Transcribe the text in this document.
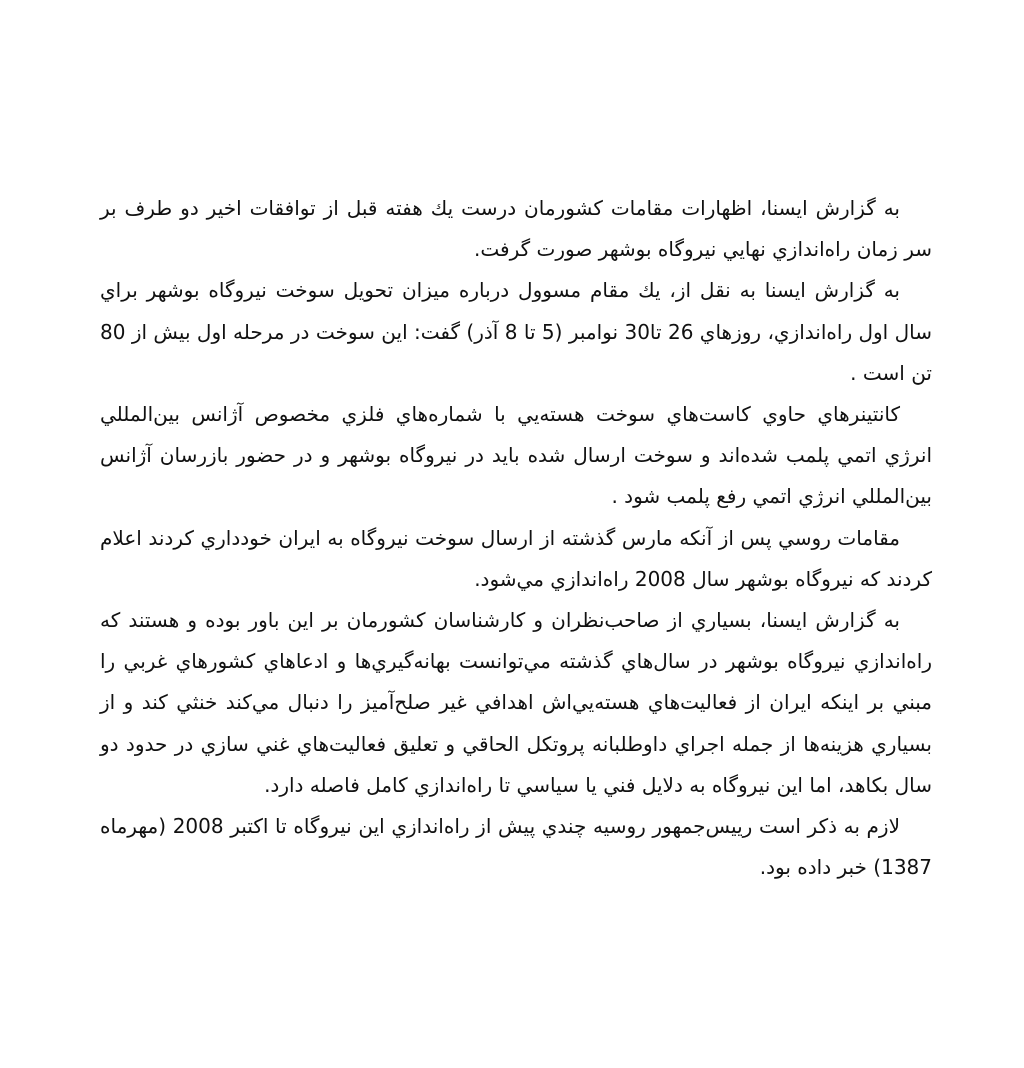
به گزارش ايسنا، اظهارات مقامات كشورمان درست يك هفته قبل از توافقات اخير دو طرف بر سر زمان راه‌اندازي نهايي نيروگاه بوشهر صورت گرفت.

به گزارش ايسنا به نقل از، يك مقام مسوول درباره ميزان تحويل سوخت نيروگاه بوشهر براي سال اول راه‌اندازي، روزهاي 26 تا30 نوامبر (5 تا 8 آذر) گفت: اين سوخت در مرحله اول بيش از 80 تن است .

كانتينرهاي حاوي كاست‌هاي سوخت هسته‌يي با شماره‌هاي فلزي مخصوص آژانس بين‌المللي انرژي اتمي پلمب شده‌اند و سوخت ارسال شده بايد در نيروگاه بوشهر و در حضور بازرسان آژانس بين‌المللي انرژي اتمي رفع پلمب شود .

مقامات روسي پس از آنكه مارس گذشته از ارسال سوخت نيروگاه به ايران خودداري كردند اعلام كردند كه نيروگاه بوشهر سال 2008 راه‌اندازي مي‌شود.

به گزارش ايسنا، بسياري از صاحب‌نظران و كارشناسان كشورمان بر اين باور بوده و هستند كه راه‌اندازي نيروگاه بوشهر در سال‌هاي گذشته مي‌توانست بهانه‌گيري‌ها و ادعاهاي كشورهاي غربي را مبني بر اينكه ايران از فعاليت‌هاي هسته‌يي‌اش اهدافي غير صلح‌آميز را دنبال مي‌كند خنثي كند و از بسياري هزينه‌ها از جمله اجراي داوطلبانه پروتكل الحاقي و تعليق فعاليت‌هاي غني سازي در حدود دو سال بكاهد، اما اين نيروگاه به دلايل فني يا سياسي تا راه‌اندازي كامل فاصله دارد.

لازم به ذكر است رييس‌جمهور روسيه چندي پيش از راه‌اندازي اين نيروگاه تا اكتبر 2008 (مهرماه 1387) خبر داده بود.
